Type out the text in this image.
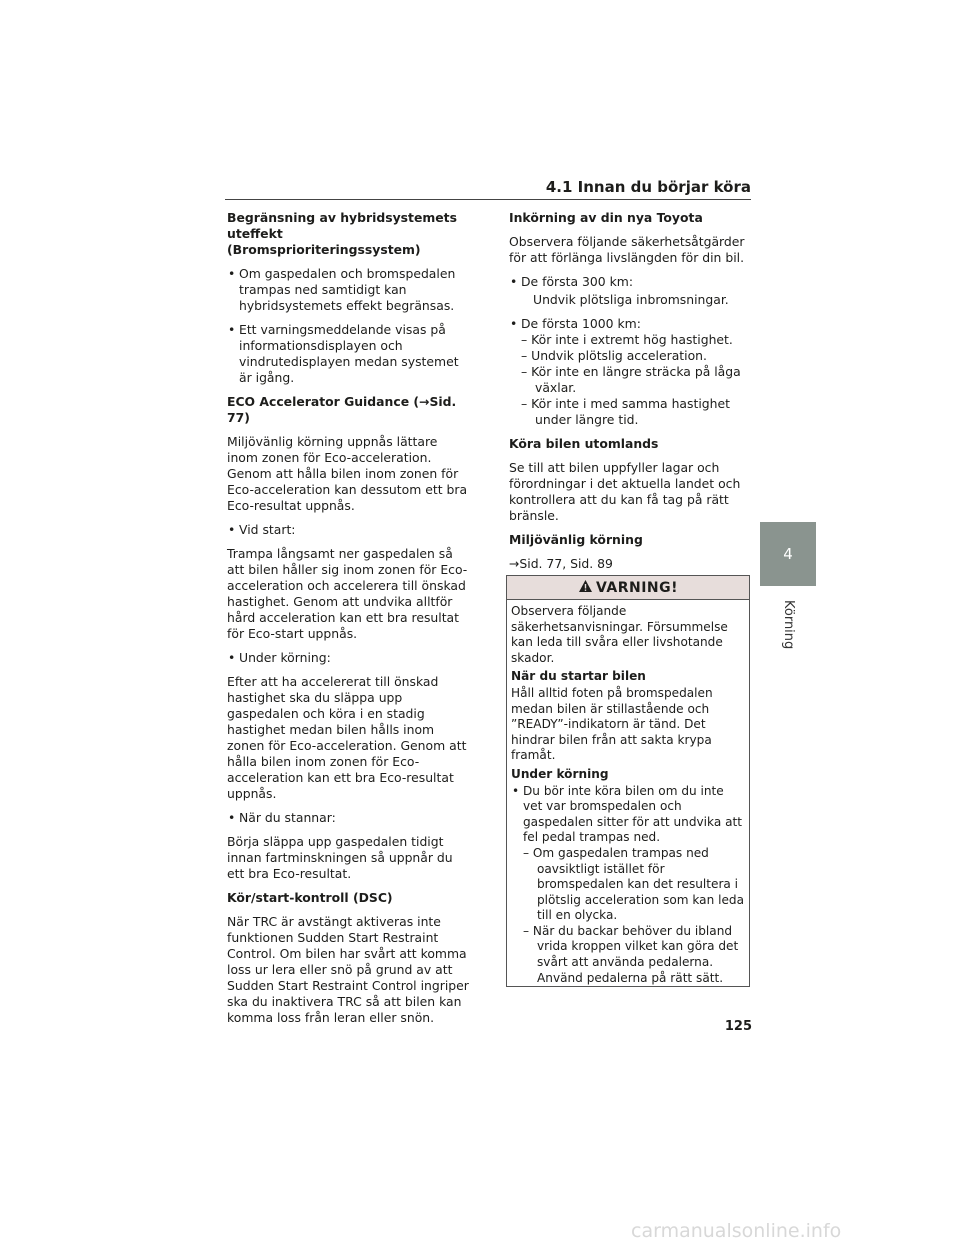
4.1 Innan du börjar köra
Begränsning av hybridsystemets uteffekt (Bromsprioriteringssystem)
• Om gaspedalen och bromspedalen trampas ned samtidigt kan hybridsystemets effekt begränsas.
• Ett varningsmeddelande visas på informationsdisplayen och vindrutedisplayen medan systemet är igång.
ECO Accelerator Guidance (→Sid. 77)

Miljövänlig körning uppnås lättare inom zonen för Eco-acceleration. Genom att hålla bilen inom zonen för Eco-acceleration kan dessutom ett bra Eco-resultat uppnås.

• Vid start:

Trampa långsamt ner gaspedalen så att bilen håller sig inom zonen för Eco-acceleration och accelerera till önskad hastighet. Genom att undvika alltför hård acceleration kan ett bra resultat för Eco-start uppnås.

• Under körning:

Efter att ha accelererat till önskad hastighet ska du släppa upp gaspedalen och köra i en stadig hastighet medan bilen hålls inom zonen för Eco-acceleration. Genom att hålla bilen inom zonen för Eco-acceleration kan ett bra Eco-resultat uppnås.

• När du stannar:

Börja släppa upp gaspedalen tidigt innan fartminskningen så uppnår du ett bra Eco-resultat.

Kör/start-kontroll (DSC)

När TRC är avstängt aktiveras inte funktionen Sudden Start Restraint Control. Om bilen har svårt att komma loss ur lera eller snö på grund av att Sudden Start Restraint Control ingriper ska du inaktivera TRC så att bilen kan komma loss från leran eller snön.

Inkörning av din nya Toyota

Observera följande säkerhetsåtgärder för att förlänga livslängden för din bil.

• De första 300 km:
Undvik plötsliga inbromsningar.
• De första 1000 km:
– Kör inte i extremt hög hastighet.
– Undvik plötslig acceleration.
– Kör inte en längre sträcka på låga växlar.
– Kör inte i med samma hastighet under längre tid.
Köra bilen utomlands

Se till att bilen uppfyller lagar och förordningar i det aktuella landet och kontrollera att du kan få tag på rätt bränsle.

Miljövänlig körning

→Sid. 77, Sid. 89

VARNING!

Observera följande säkerhetsanvisningar. Försummelse kan leda till svåra eller livshotande skador.

När du startar bilen

Håll alltid foten på bromspedalen medan bilen är stillastående och ”READY”-indikatorn är tänd. Det hindrar bilen från att sakta krypa framåt.

Under körning
• Du bör inte köra bilen om du inte vet var bromspedalen och gaspedalen sitter för att undvika att fel pedal trampas ned.
– Om gaspedalen trampas ned oavsiktligt istället för bromspedalen kan det resultera i plötslig acceleration som kan leda till en olycka.
– När du backar behöver du ibland vrida kroppen vilket kan göra det svårt att använda pedalerna. Använd pedalerna på rätt sätt.
4
Körning
125
carmanualsonline.info
